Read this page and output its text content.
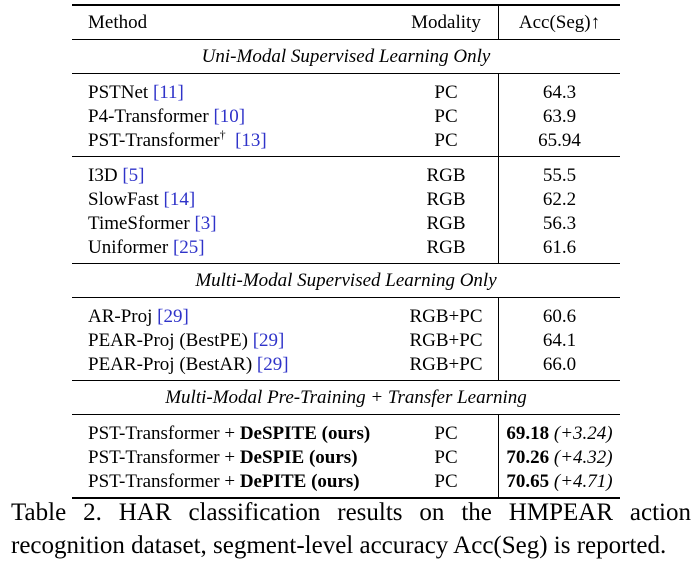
Method	Modality	Acc(Seg)↑
Uni-Modal Supervised Learning Only		
PSTNet [11]	PC	64.3
P4-Transformer [10]	PC	63.9
PST-Transformer† [13]	PC	65.94
I3D [5]	RGB	55.5
SlowFast [14]	RGB	62.2
TimeSformer [3]	RGB	56.3
Uniformer [25]	RGB	61.6
Multi-Modal Supervised Learning Only		
AR-Proj [29]	RGB+PC	60.6
PEAR-Proj (BestPE) [29]	RGB+PC	64.1
PEAR-Proj (BestAR) [29]	RGB+PC	66.0
Multi-Modal Pre-Training + Transfer Learning		
PST-Transformer + DeSPITE (ours)	PC	69.18 (+3.24)
PST-Transformer + DeSPIE (ours)	PC	70.26 (+4.32)
PST-Transformer + DePITE (ours)	PC	70.65 (+4.71)
Table 2. HAR classification results on the HMPEAR action recognition dataset, segment-level accuracy Acc(Seg) is reported.
